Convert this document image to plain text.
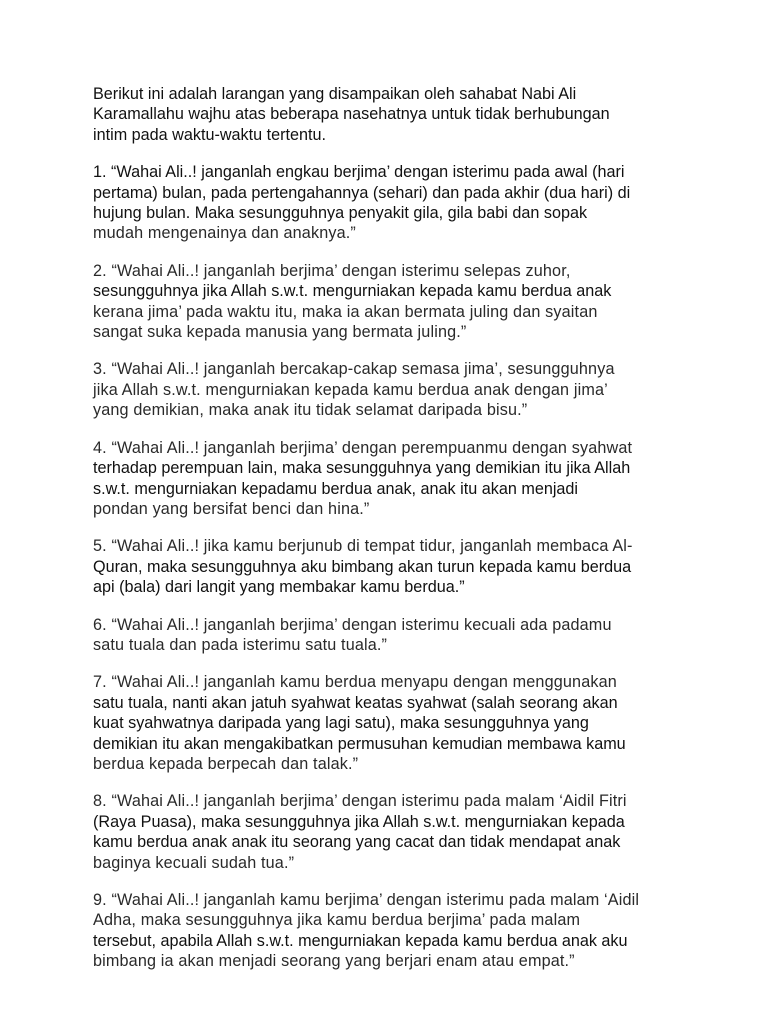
Berikut ini adalah larangan yang disampaikan oleh sahabat Nabi Ali
Karamallahu wajhu atas beberapa nasehatnya untuk tidak berhubungan
intim pada waktu-waktu tertentu.

1. “Wahai Ali..! janganlah engkau berjima’ dengan isterimu pada awal (hari
pertama) bulan, pada pertengahannya (sehari) dan pada akhir (dua hari) di
hujung bulan. Maka sesungguhnya penyakit gila, gila babi dan sopak
mudah mengenainya dan anaknya.”

2. “Wahai Ali..! janganlah berjima’ dengan isterimu selepas zuhor,
sesungguhnya jika Allah s.w.t. mengurniakan kepada kamu berdua anak
kerana jima’ pada waktu itu, maka ia akan bermata juling dan syaitan
sangat suka kepada manusia yang bermata juling.”

3. “Wahai Ali..! janganlah bercakap-cakap semasa jima’, sesungguhnya
jika Allah s.w.t. mengurniakan kepada kamu berdua anak dengan jima’
yang demikian, maka anak itu tidak selamat daripada bisu.”

4. “Wahai Ali..! janganlah berjima’ dengan perempuanmu dengan syahwat
terhadap perempuan lain, maka sesungguhnya yang demikian itu jika Allah
s.w.t. mengurniakan kepadamu berdua anak, anak itu akan menjadi
pondan yang bersifat benci dan hina.”

5. “Wahai Ali..! jika kamu berjunub di tempat tidur, janganlah membaca Al-
Quran, maka sesungguhnya aku bimbang akan turun kepada kamu berdua
api (bala) dari langit yang membakar kamu berdua.”

6. “Wahai Ali..! janganlah berjima’ dengan isterimu kecuali ada padamu
satu tuala dan pada isterimu satu tuala.”

7. “Wahai Ali..! janganlah kamu berdua menyapu dengan menggunakan
satu tuala, nanti akan jatuh syahwat keatas syahwat (salah seorang akan
kuat syahwatnya daripada yang lagi satu), maka sesungguhnya yang
demikian itu akan mengakibatkan permusuhan kemudian membawa kamu
berdua kepada berpecah dan talak.”

8. “Wahai Ali..! janganlah berjima’ dengan isterimu pada malam ‘Aidil Fitri
(Raya Puasa), maka sesungguhnya jika Allah s.w.t. mengurniakan kepada
kamu berdua anak anak itu seorang yang cacat dan tidak mendapat anak
baginya kecuali sudah tua.”

9. “Wahai Ali..! janganlah kamu berjima’ dengan isterimu pada malam ‘Aidil
Adha, maka sesungguhnya jika kamu berdua berjima’ pada malam
tersebut, apabila Allah s.w.t. mengurniakan kepada kamu berdua anak aku
bimbang ia akan menjadi seorang yang berjari enam atau empat.”
